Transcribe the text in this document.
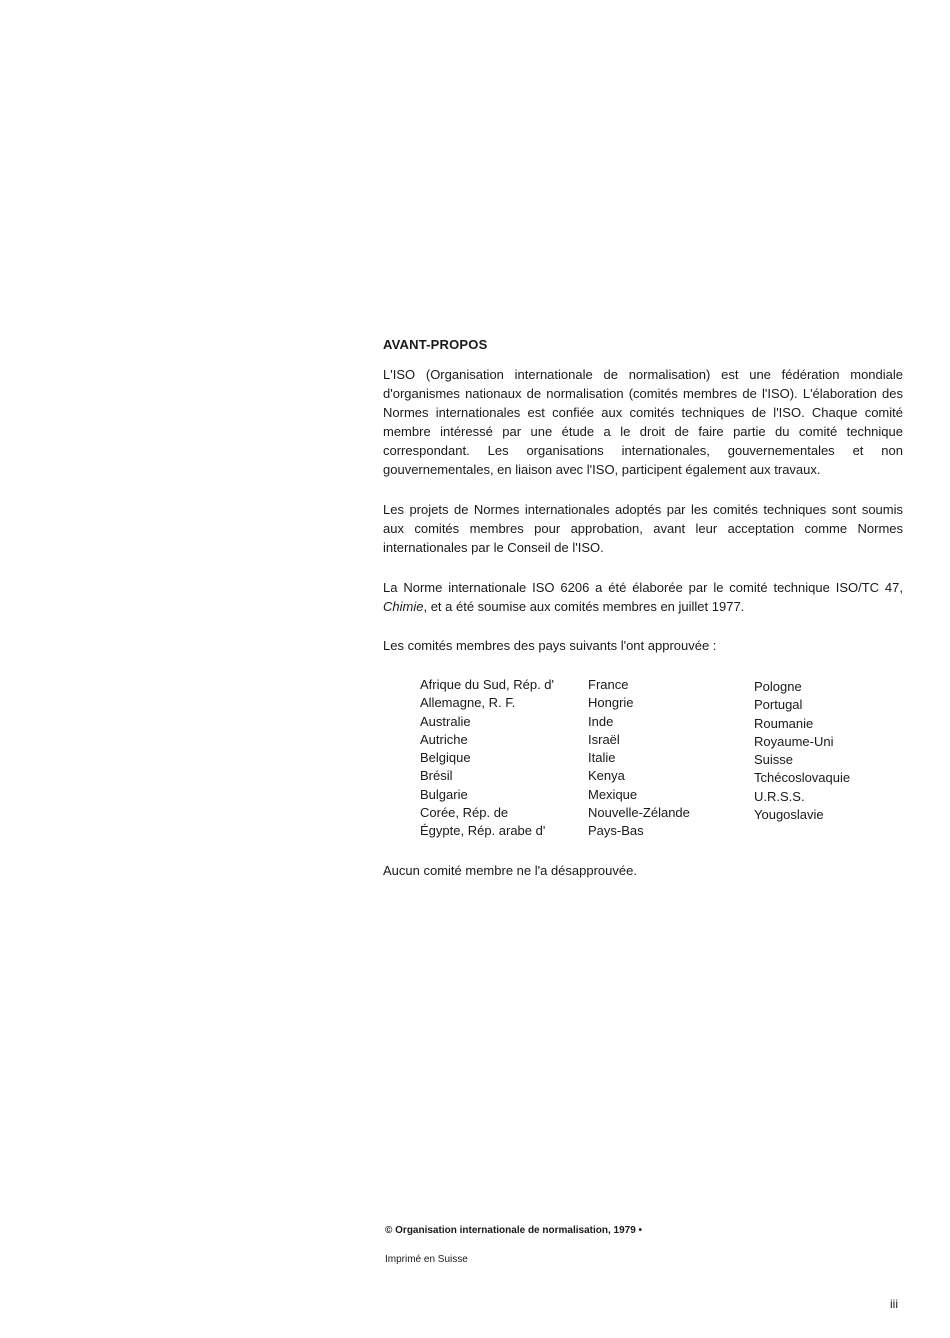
AVANT-PROPOS

L'ISO (Organisation internationale de normalisation) est une fédération mondiale d'organismes nationaux de normalisation (comités membres de l'ISO). L'élaboration des Normes internationales est confiée aux comités techniques de l'ISO. Chaque comité membre intéressé par une étude a le droit de faire partie du comité technique correspondant. Les organisations internationales, gouvernementales et non gouvernementales, en liaison avec l'ISO, participent également aux travaux.

Les projets de Normes internationales adoptés par les comités techniques sont soumis aux comités membres pour approbation, avant leur acceptation comme Normes internationales par le Conseil de l'ISO.

La Norme internationale ISO 6206 a été élaborée par le comité technique ISO/TC 47, Chimie, et a été soumise aux comités membres en juillet 1977.

Les comités membres des pays suivants l'ont approuvée :

Afrique du Sud, Rép. d'
Allemagne, R. F.
Australie
Autriche
Belgique
Brésil
Bulgarie
Corée, Rép. de
Égypte, Rép. arabe d'
France
Hongrie
Inde
Israël
Italie
Kenya
Mexique
Nouvelle-Zélande
Pays-Bas
Pologne
Portugal
Roumanie
Royaume-Uni
Suisse
Tchécoslovaquie
U.R.S.S.
Yougoslavie

Aucun comité membre ne l'a désapprouvée.

© Organisation internationale de normalisation, 1979 •
Imprimé en Suisse
iii
